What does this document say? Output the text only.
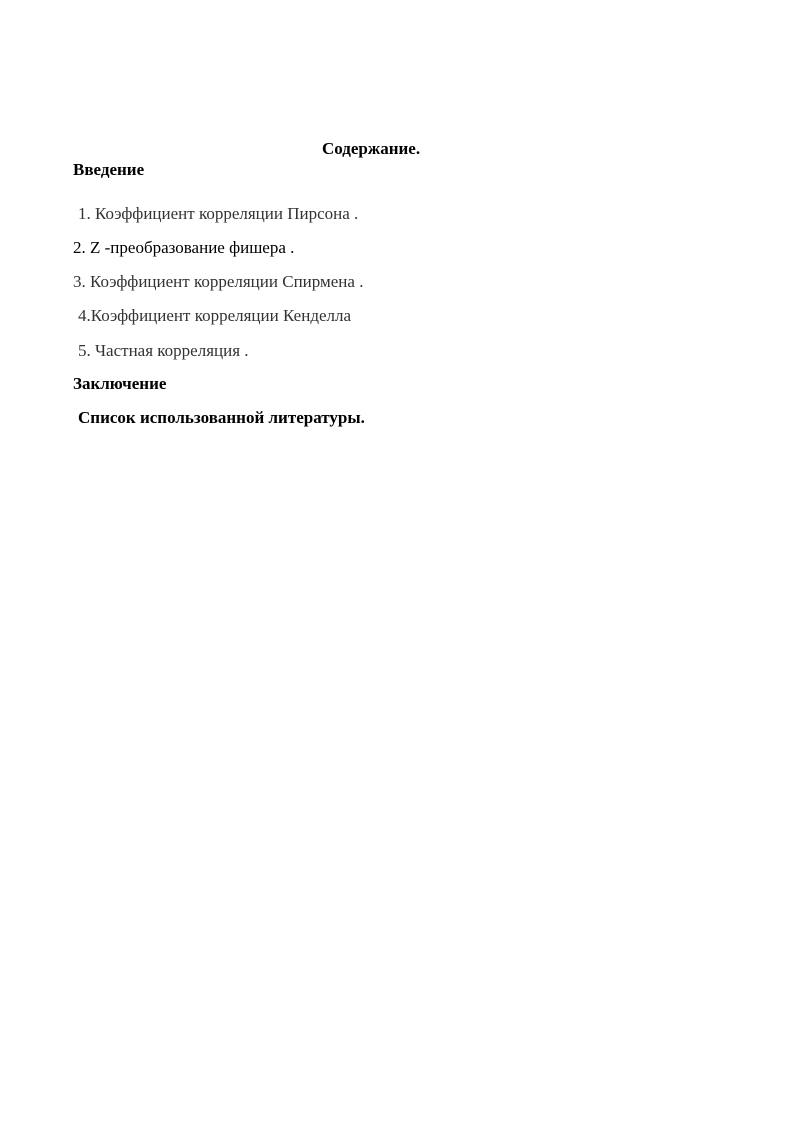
Содержание.
Введение
1. Коэффициент корреляции Пирсона .
2. Z -преобразование фишера .
3. Коэффициент корреляции Спирмена .
4.Коэффициент корреляции Кенделла
5. Частная корреляция .
Заключение
Список использованной литературы.
